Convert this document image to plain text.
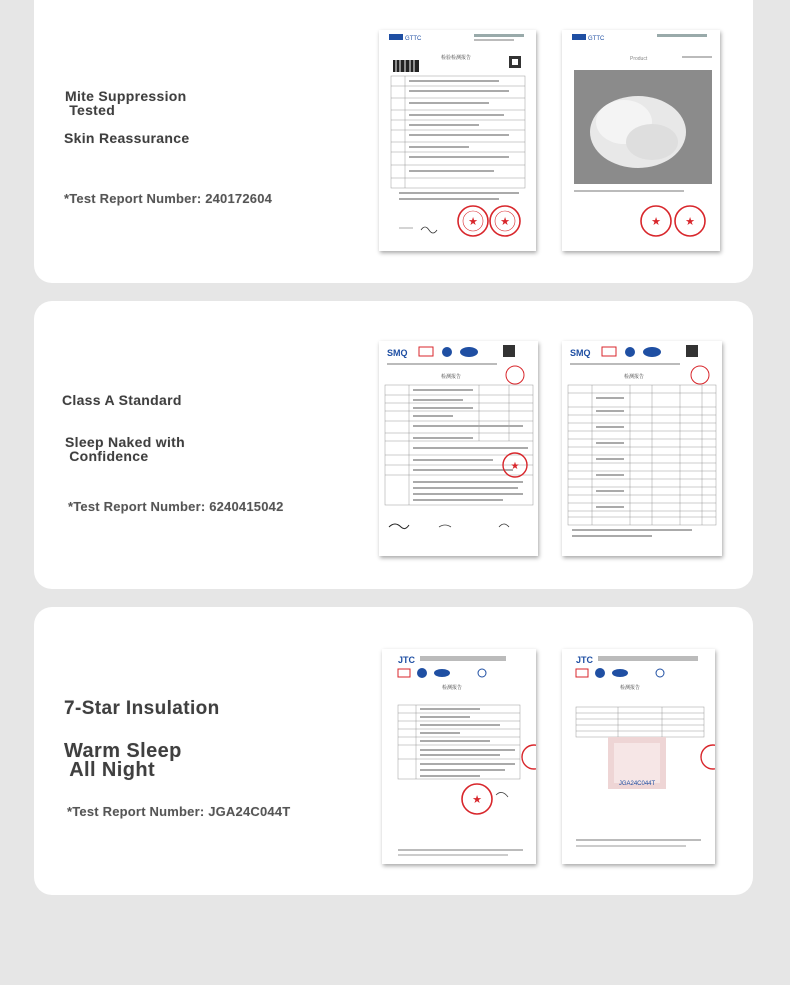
Mite Suppression
Tested
Skin Reassurance
*Test Report Number: 240172604
GTTC
检验检测报告
★ ★
GTTC
Product
★ ★
Class A Standard
Sleep Naked with
Confidence
*Test Report Number: 6240415042
SMQ
检测报告
★
SMQ
检测报告
7-Star Insulation
Warm Sleep
All Night
*Test Report Number: JGA24C044T
JTC
检测报告
★
JTC
检测报告
JGA24C044T
